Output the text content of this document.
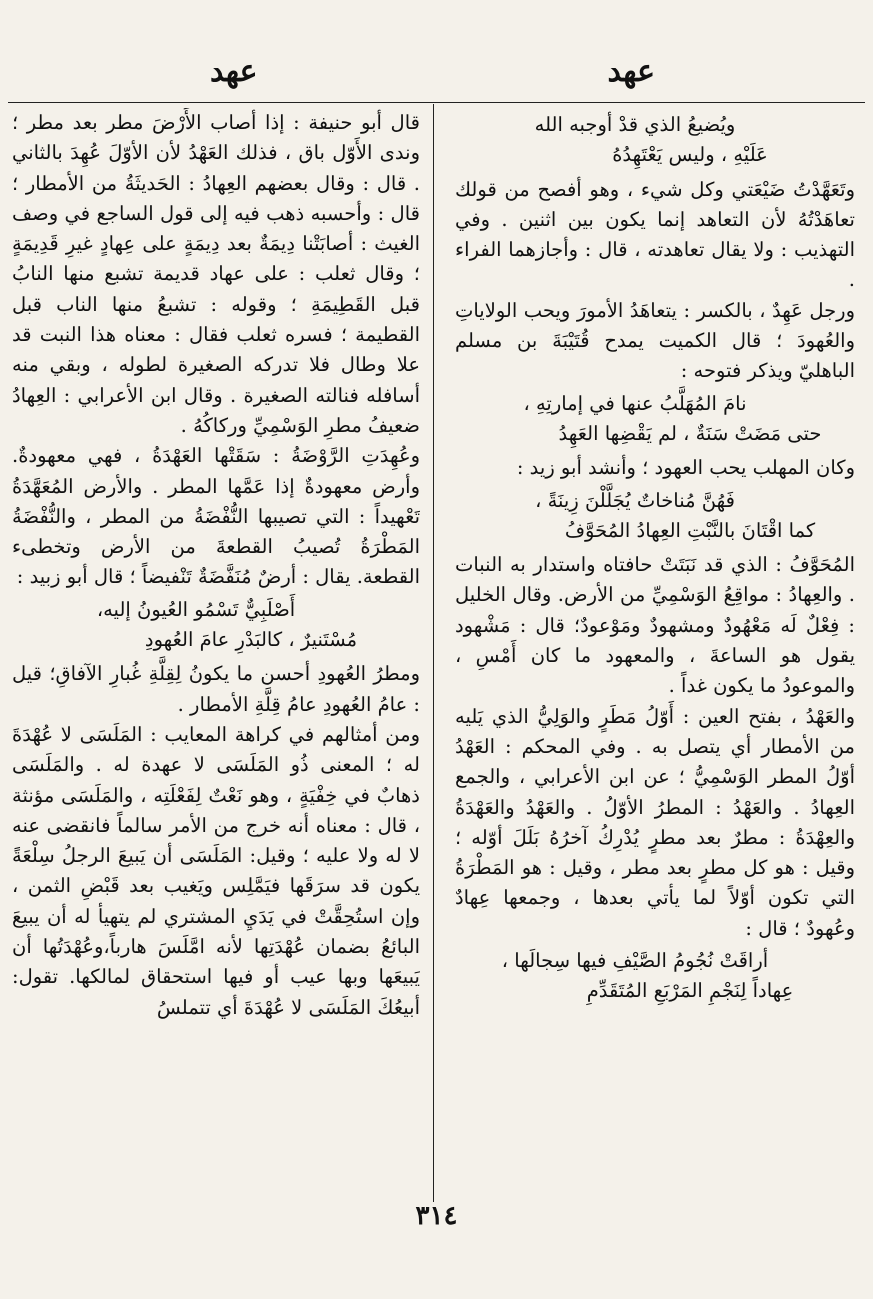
عهد
عهد
ويُضيعُ الذي قدْ أوجبه الله
عَلَيْهِ ، وليس يَعْتَهِدُهُ

وتَعَهَّدْتُ ضَيْعَتي وكل شيء ، وهو أفصح من قولك تعاهَدْتُهُ لأن التعاهد إنما يكون بين اثنين . وفي التهذيب : ولا يقال تعاهدته ، قال : وأجازهما الفراء .

ورجل عَهِدٌ ، بالكسر : يتعاهَدُ الأمورَ ويحب الولاياتِ والعُهودَ ؛ قال الكميت يمدح قُتَيْبَةَ بن مسلم الباهليّ ويذكر فتوحه :

نامَ المُهَلَّبُ عنها في إمارتِهِ ،
حتى مَضَتْ سَنَةٌ ، لم يَقْضِها العَهِدُ

وكان المهلب يحب العهود ؛ وأنشد أبو زيد :

فَهُنَّ مُناخاتٌ يُجَلَّلْنَ زِينَةً ،
كما اقْتَانَ بالنَّبْتِ العِهادُ المُحَوَّفُ

المُحَوَّفُ : الذي قد نَبَتَتْ حافتاه واستدار به النبات . والعِهادُ : مواقِعُ الوَسْمِيِّ من الأرض. وقال الخليل : فِعْلٌ لَه مَعْهُودٌ ومشهودٌ ومَوْعودٌ؛ قال : مَشْهود يقول هو الساعةَ ، والمعهود ما كان أَمْسِ ، والموعودُ ما يكون غداً .

والعَهْدُ ، بفتح العين : أَوّلُ مَطَرٍ والوَلِيُّ الذي يَليه من الأمطار أي يتصل به . وفي المحكم : العَهْدُ أوّلُ المطر الوَسْمِيُّ ؛ عن ابن الأعرابي ، والجمع العِهادُ . والعَهْدُ : المطرُ الأوّلُ . والعَهْدُ والعَهْدَةُ والعِهْدَةُ : مطرٌ بعد مطرٍ يُدْرِكُ آخرُهُ بَلَلَ أوّله ؛ وقيل : هو كل مطرٍ بعد مطر ، وقيل : هو المَطْرَةُ التي تكون أوّلاً لما يأتي بعدها ، وجمعها عِهادٌ وعُهودٌ ؛ قال :

أراقَتْ نُجُومُ الصَّيْفِ فيها سِجالَها ،
عِهاداً لِنَجْمِ المَرْبَعِ المُتَقَدِّمِ

قال أبو حنيفة : إذا أصاب الأَرْضَ مطر بعد مطر ؛ وندى الأَوّل باق ، فذلك العَهْدُ لأن الأوّلَ عُهِدَ بالثاني . قال : وقال بعضهم العِهادُ : الحَديثَةُ من الأمطار ؛ قال : وأحسبه ذهب فيه إلى قول الساجع في وصف الغيث : أصابَتْنا دِيمَةٌ بعد دِيمَةٍ على عِهادٍ غيرِ قَدِيمَةٍ ؛ وقال ثعلب : على عهاد قديمة تشبع منها النابُ قبل القَطِيمَةِ ؛ وقوله : تشبعُ منها الناب قبل القطيمة ؛ فسره ثعلب فقال : معناه هذا النبت قد علا وطال فلا تدركه الصغيرة لطوله ، وبقي منه أسافله فنالته الصغيرة . وقال ابن الأعرابي : العِهادُ ضعيفُ مطرِ الوَسْمِيِّ وركاكُهُ .

وعُهِدَتِ الرَّوْضَةُ : سَقَتْها العَهْدَةُ ، فهي معهودةٌ. وأرض معهودةٌ إذا عَمَّها المطر . والأرض المُعَهَّدَةُ تَعْهيداً : التي تصيبها النُّفْضَةُ من المطر ، والنُّفْضَةُ المَطْرَةُ تُصيبُ القطعةَ من الأرض وتخطىء القطعة. يقال : أرضٌ مُنَفَّضَةٌ تَنْفيضاً ؛ قال أبو زبيد :

أَصْلَبِيٌّ تَسْمُو العُيونُ إليه،
مُسْتَنيرٌ ، كالبَدْرِ عامَ العُهودِ

ومطرُ العُهودِ أحسن ما يكونُ لِقِلَّةِ غُبارِ الآفاقِ؛ قيل : عامُ العُهودِ عامُ قِلَّةِ الأمطار .

ومن أمثالهم في كراهة المعايب : المَلَسَى لا عُهْدَةَ له ؛ المعنى ذُو المَلَسَى لا عهدة له . والمَلَسَى ذهابٌ في خِفْيَةٍ ، وهو نَعْتٌ لِفَعْلَتِه ، والمَلَسَى مؤنثة ، قال : معناه أنه خرج من الأمر سالماً فانقضى عنه لا له ولا عليه ؛ وقيل: المَلَسَى أن يَبيعَ الرجلُ سِلْعَةً يكون قد سرَقَها فيَمَّلِس ويَغيب بعد قَبْضِ الثمن ، وإن استُحِقَّتْ في يَدَيِ المشتري لم يتهيأ له أن يبيعَ البائعُ بضمان عُهْدَتِها لأنه امَّلَسَ هارباً،وعُهْدَتُها أن يَبيعَها وبها عيب أو فيها استحقاق لمالكها. تقول: أبيعُكَ المَلَسَى لا عُهْدَةَ أي تتملسُ

٣١٤
